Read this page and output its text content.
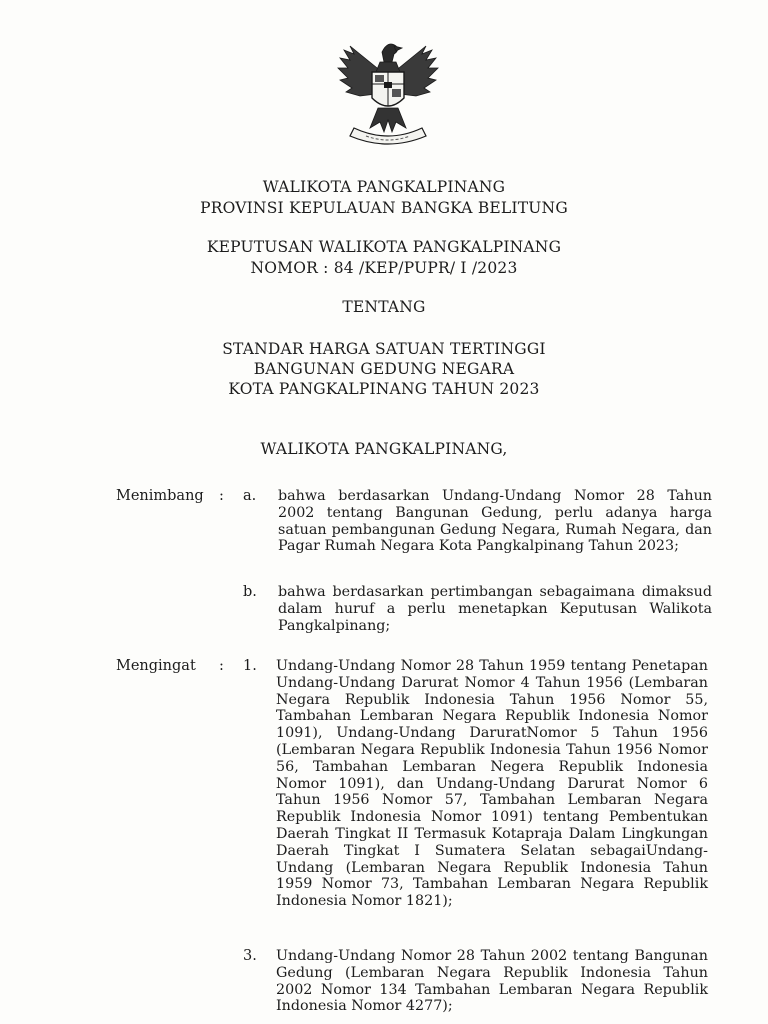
WALIKOTA PANGKALPINANG
PROVINSI KEPULAUAN BANGKA BELITUNG
KEPUTUSAN WALIKOTA PANGKALPINANG
NOMOR : 84 /KEP/PUPR/ I /2023
TENTANG
STANDAR HARGA SATUAN TERTINGGI
BANGUNAN GEDUNG NEGARA
KOTA PANGKALPINANG TAHUN 2023
WALIKOTA PANGKALPINANG,
Menimbang : a. bahwa berdasarkan Undang-Undang Nomor 28 Tahun 2002 tentang Bangunan Gedung, perlu adanya harga satuan pembangunan Gedung Negara, Rumah Negara, dan Pagar Rumah Negara Kota Pangkalpinang Tahun 2023;

b. bahwa berdasarkan pertimbangan sebagaimana dimaksud dalam huruf a perlu menetapkan Keputusan Walikota Pangkalpinang;

Mengingat : 1. Undang-Undang Nomor 28 Tahun 1959 tentang Penetapan Undang-Undang Darurat Nomor 4 Tahun 1956 (Lembaran Negara Republik Indonesia Tahun 1956 Nomor 55, Tambahan Lembaran Negara Republik Indonesia Nomor 1091), Undang-Undang DaruratNomor 5 Tahun 1956 (Lembaran Negara Republik Indonesia Tahun 1956 Nomor 56, Tambahan Lembaran Negera Republik Indonesia Nomor 1091), dan Undang-Undang Darurat Nomor 6 Tahun 1956 Nomor 57, Tambahan Lembaran Negara Republik Indonesia Nomor 1091) tentang Pembentukan Daerah Tingkat II Termasuk Kotapraja Dalam Lingkungan Daerah Tingkat I Sumatera Selatan sebagaiUndang-Undang (Lembaran Negara Republik Indonesia Tahun 1959 Nomor 73, Tambahan Lembaran Negara Republik Indonesia Nomor 1821);

3. Undang-Undang Nomor 28 Tahun 2002 tentang Bangunan Gedung (Lembaran Negara Republik Indonesia Tahun 2002 Nomor 134 Tambahan Lembaran Negara Republik Indonesia Nomor 4277);
